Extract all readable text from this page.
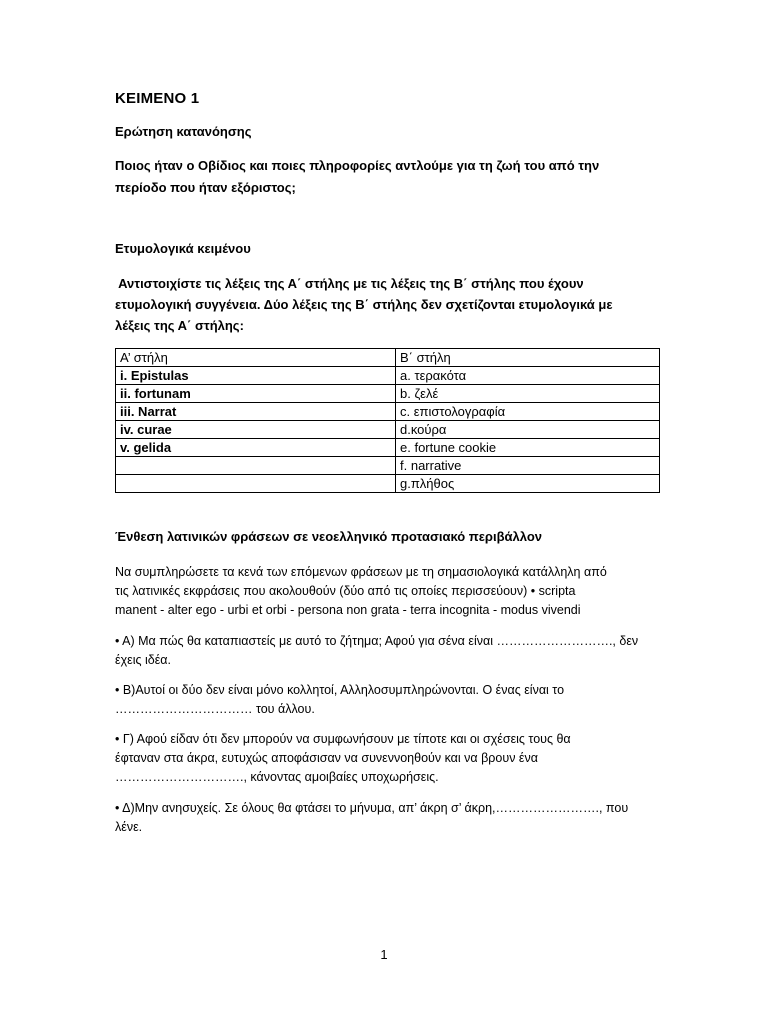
ΚΕΙΜΕΝΟ 1
Ερώτηση κατανόησης
Ποιος ήταν ο Οβίδιος και ποιες πληροφορίες αντλούμε για τη ζωή του από την
περίοδο που ήταν εξόριστος;
Ετυμολογικά κειμένου
Αντιστοιχίστε τις λέξεις της Α΄ στήλης με τις λέξεις της Β΄ στήλης που έχουν
ετυμολογική συγγένεια. Δύο λέξεις της Β΄ στήλης δεν σχετίζονται ετυμολογικά με
λέξεις της Α΄ στήλης:
Α’ στήλη	Β΄ στήλη
i. Epistulas	a. τερακότα
ii. fortunam	b. ζελέ
iii. Narrat	c. επιστολογραφία
iv. curae	d.κούρα
v. gelida	e. fortune cookie
	f. narrative
	g.πλήθος
Ένθεση λατινικών φράσεων σε νεοελληνικό προτασιακό περιβάλλον
Να συμπληρώσετε τα κενά των επόμενων φράσεων με τη σημασιολογικά κατάλληλη από
τις λατινικές εκφράσεις που ακολουθούν (δύο από τις οποίες περισσεύουν) • scripta
manent - alter ego - urbi et orbi - persona non grata - terra incognita - modus vivendi
• Α) Μα πώς θα καταπιαστείς με αυτό το ζήτημα; Αφού για σένα είναι ………………………., δεν
έχεις ιδέα.
• Β)Αυτοί οι δύο δεν είναι μόνο κολλητοί, Αλληλοσυμπληρώνονται. Ο ένας είναι το
…………………………… του άλλου.
• Γ) Αφού είδαν ότι δεν μπορούν να συμφωνήσουν με τίποτε και οι σχέσεις τους θα
έφταναν στα άκρα, ευτυχώς αποφάσισαν να συνεννοηθούν και να βρουν ένα
…………………………., κάνοντας αμοιβαίες υποχωρήσεις.
• Δ)Μην ανησυχείς. Σε όλους θα φτάσει το μήνυμα, απ’ άκρη σ’ άκρη,……………………., που
λένε.
1
